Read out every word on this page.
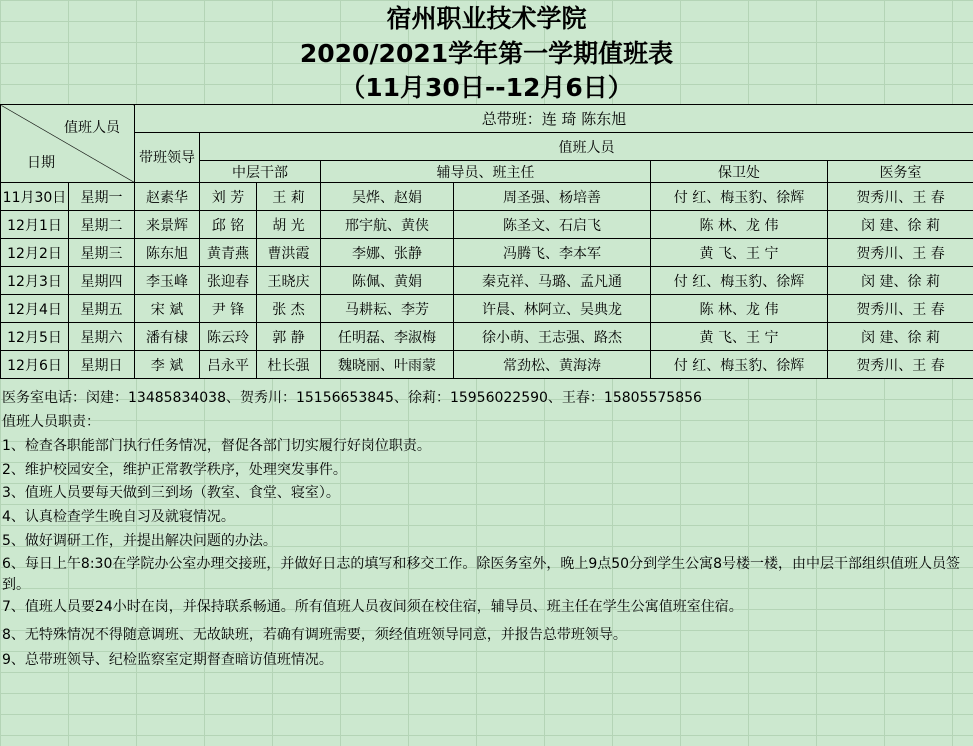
宿州职业技术学院
2020/2021学年第一学期值班表
（11月30日--12月6日）
值班人员
日期		总带班：连 琦 陈东旭						
		带班领导	值班人员					
			中层干部		辅导员、班主任		保卫处	医务室
11月30日	星期一	赵素华	刘 芳	王 莉	吴烨、赵娟	周圣强、杨培善	付 红、梅玉豹、徐辉	贺秀川、王 春
12月1日	星期二	来景辉	邱 铭	胡 光	邢宇航、黄侠	陈圣文、石启飞	陈 林、龙 伟	闵 建、徐 莉
12月2日	星期三	陈东旭	黄青燕	曹洪霞	李娜、张静	冯腾飞、李本军	黄 飞、王 宁	贺秀川、王 春
12月3日	星期四	李玉峰	张迎春	王晓庆	陈佩、黄娟	秦克祥、马璐、孟凡通	付 红、梅玉豹、徐辉	闵 建、徐 莉
12月4日	星期五	宋 斌	尹 锋	张 杰	马耕耘、李芳	许晨、林阿立、吴典龙	陈 林、龙 伟	贺秀川、王 春
12月5日	星期六	潘有棣	陈云玲	郭 静	任明磊、李淑梅	徐小萌、王志强、路杰	黄 飞、王 宁	闵 建、徐 莉
12月6日	星期日	李 斌	吕永平	杜长强	魏晓丽、叶雨蒙	常劲松、黄海涛	付 红、梅玉豹、徐辉	贺秀川、王 春
医务室电话：闵建：13485834038、贺秀川：15156653845、徐莉：15956022590、王春：15805575856
值班人员职责：
1、检查各职能部门执行任务情况，督促各部门切实履行好岗位职责。
2、维护校园安全，维护正常教学秩序，处理突发事件。
3、值班人员要每天做到三到场（教室、食堂、寝室）。
4、认真检查学生晚自习及就寝情况。
5、做好调研工作，并提出解决问题的办法。
6、每日上午8:30在学院办公室办理交接班，并做好日志的填写和移交工作。除医务室外，晚上9点50分到学生公寓8号楼一楼，由中层干部组织值班人员签到。
7、值班人员要24小时在岗，并保持联系畅通。所有值班人员夜间须在校住宿，辅导员、班主任在学生公寓值班室住宿。
8、无特殊情况不得随意调班、无故缺班，若确有调班需要，须经值班领导同意，并报告总带班领导。
9、总带班领导、纪检监察室定期督查暗访值班情况。
